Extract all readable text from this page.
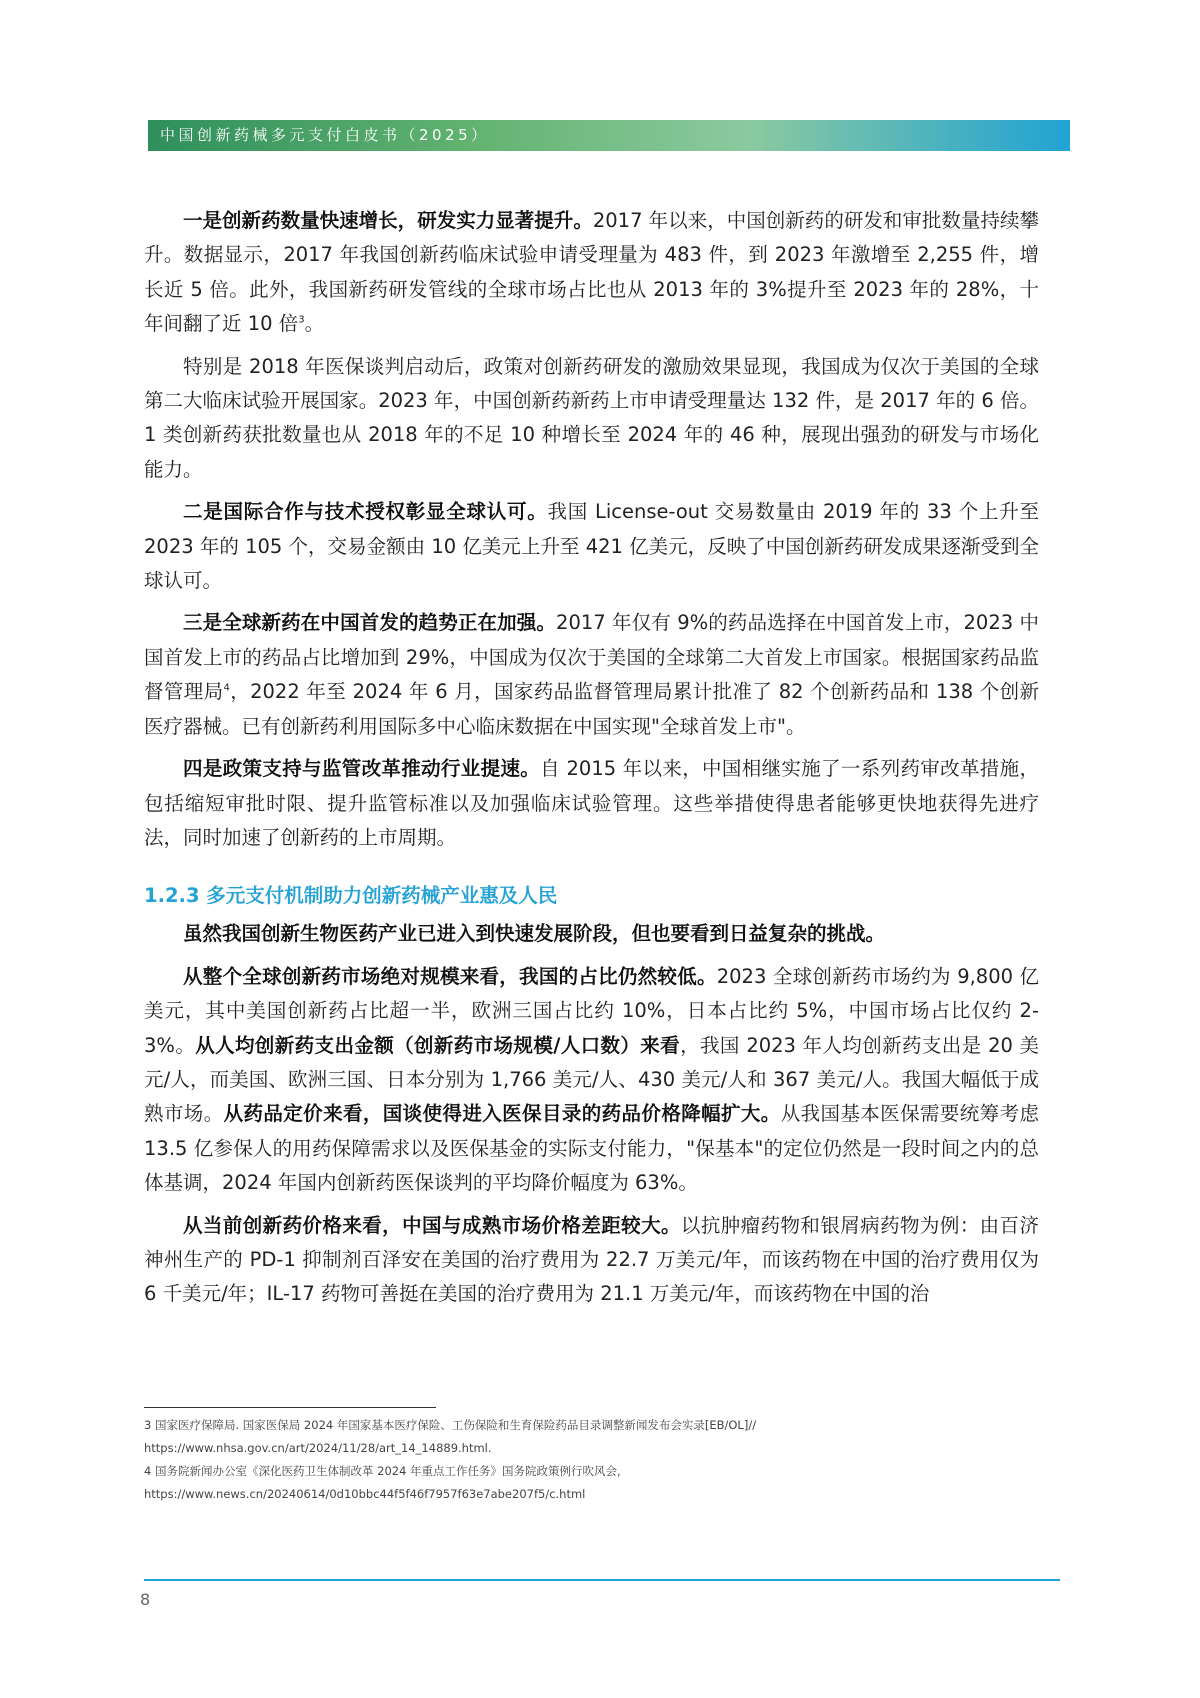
中国创新药械多元支付白皮书（2025）

一是创新药数量快速增长，研发实力显著提升。2017 年以来，中国创新药的研发和审批数量持续攀升。数据显示，2017 年我国创新药临床试验申请受理量为 483 件，到 2023 年激增至 2,255 件，增长近 5 倍。此外，我国新药研发管线的全球市场占比也从 2013 年的 3%提升至 2023 年的 28%，十年间翻了近 10 倍$^3$。

特别是 2018 年医保谈判启动后，政策对创新药研发的激励效果显现，我国成为仅次于美国的全球第二大临床试验开展国家。2023 年，中国创新药新药上市申请受理量达 132 件，是 2017 年的 6 倍。1 类创新药获批数量也从 2018 年的不足 10 种增长至 2024 年的 46 种，展现出强劲的研发与市场化能力。

二是国际合作与技术授权彰显全球认可。我国 License-out 交易数量由 2019 年的 33 个上升至 2023 年的 105 个，交易金额由 10 亿美元上升至 421 亿美元，反映了中国创新药研发成果逐渐受到全球认可。

三是全球新药在中国首发的趋势正在加强。2017 年仅有 9%的药品选择在中国首发上市，2023 中国首发上市的药品占比增加到 29%，中国成为仅次于美国的全球第二大首发上市国家。根据国家药品监督管理局$^4$，2022 年至 2024 年 6 月，国家药品监督管理局累计批准了 82 个创新药品和 138 个创新医疗器械。已有创新药利用国际多中心临床数据在中国实现"全球首发上市"。

四是政策支持与监管改革推动行业提速。自 2015 年以来，中国相继实施了一系列药审改革措施，包括缩短审批时限、提升监管标准以及加强临床试验管理。这些举措使得患者能够更快地获得先进疗法，同时加速了创新药的上市周期。

1.2.3 多元支付机制助力创新药械产业惠及人民

虽然我国创新生物医药产业已进入到快速发展阶段，但也要看到日益复杂的挑战。

从整个全球创新药市场绝对规模来看，我国的占比仍然较低。2023 全球创新药市场约为 9,800 亿美元，其中美国创新药占比超一半，欧洲三国占比约 10%，日本占比约 5%，中国市场占比仅约 2-3%。从人均创新药支出金额（创新药市场规模/人口数）来看，我国 2023 年人均创新药支出是 20 美元/人，而美国、欧洲三国、日本分别为 1,766 美元/人、430 美元/人和 367 美元/人。我国大幅低于成熟市场。从药品定价来看，国谈使得进入医保目录的药品价格降幅扩大。从我国基本医保需要统筹考虑 13.5 亿参保人的用药保障需求以及医保基金的实际支付能力，"保基本"的定位仍然是一段时间之内的总体基调，2024 年国内创新药医保谈判的平均降价幅度为 63%。

从当前创新药价格来看，中国与成熟市场价格差距较大。以抗肿瘤药物和银屑病药物为例：由百济神州生产的 PD-1 抑制剂百泽安在美国的治疗费用为 22.7 万美元/年，而该药物在中国的治疗费用仅为 6 千美元/年；IL-17 药物可善挺在美国的治疗费用为 21.1 万美元/年，而该药物在中国的治

3 国家医疗保障局. 国家医保局 2024 年国家基本医疗保险、工伤保险和生育保险药品目录调整新闻发布会实录[EB/OL]//
https://www.nhsa.gov.cn/art/2024/11/28/art_14_14889.html.
4 国务院新闻办公室《深化医药卫生体制改革 2024 年重点工作任务》国务院政策例行吹风会,
https://www.news.cn/20240614/0d10bbc44f5f46f7957f63e7abe207f5/c.html
8
